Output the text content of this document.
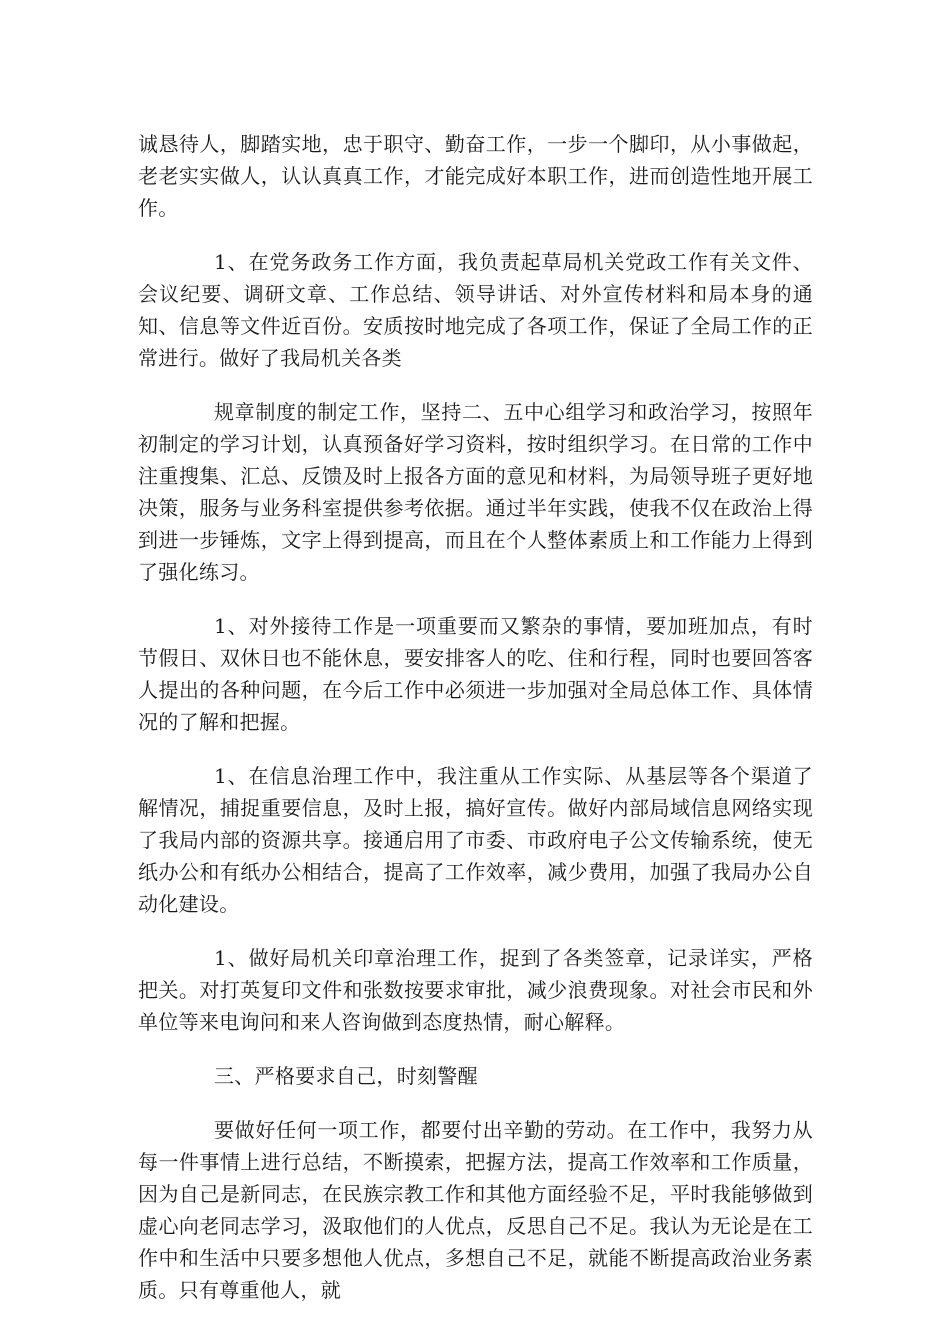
诚恳待人，脚踏实地，忠于职守、勤奋工作，一步一个脚印，从小事做起，老老实实做人，认认真真工作，才能完成好本职工作，进而创造性地开展工作。

1、在党务政务工作方面，我负责起草局机关党政工作有关文件、会议纪要、调研文章、工作总结、领导讲话、对外宣传材料和局本身的通知、信息等文件近百份。安质按时地完成了各项工作，保证了全局工作的正常进行。做好了我局机关各类

规章制度的制定工作，坚持二、五中心组学习和政治学习，按照年初制定的学习计划，认真预备好学习资料，按时组织学习。在日常的工作中注重搜集、汇总、反馈及时上报各方面的意见和材料，为局领导班子更好地决策，服务与业务科室提供参考依据。通过半年实践，使我不仅在政治上得到进一步锤炼，文字上得到提高，而且在个人整体素质上和工作能力上得到了强化练习。

1、对外接待工作是一项重要而又繁杂的事情，要加班加点，有时节假日、双休日也不能休息，要安排客人的吃、住和行程，同时也要回答客人提出的各种问题，在今后工作中必须进一步加强对全局总体工作、具体情况的了解和把握。

1、在信息治理工作中，我注重从工作实际、从基层等各个渠道了解情况，捕捉重要信息，及时上报，搞好宣传。做好内部局域信息网络实现了我局内部的资源共享。接通启用了市委、市政府电子公文传输系统，使无纸办公和有纸办公相结合，提高了工作效率，减少费用，加强了我局办公自动化建设。

1、做好局机关印章治理工作，捉到了各类签章，记录详实，严格把关。对打英复印文件和张数按要求审批，减少浪费现象。对社会市民和外单位等来电询问和来人咨询做到态度热情，耐心解释。

三、严格要求自己，时刻警醒

要做好任何一项工作，都要付出辛勤的劳动。在工作中，我努力从每一件事情上进行总结，不断摸索，把握方法，提高工作效率和工作质量，因为自己是新同志，在民族宗教工作和其他方面经验不足，平时我能够做到虚心向老同志学习，汲取他们的人优点，反思自己不足。我认为无论是在工作中和生活中只要多想他人优点，多想自己不足，就能不断提高政治业务素质。只有尊重他人，就
